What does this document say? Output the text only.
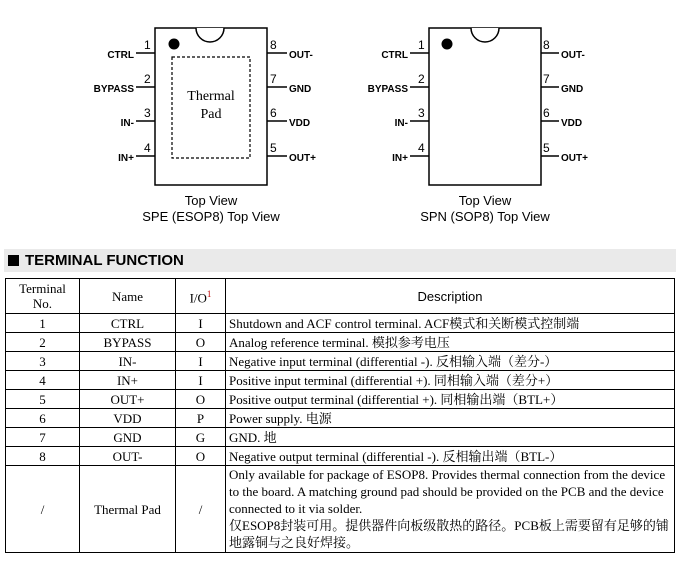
Thermal
Pad
CTRL
BYPASS
IN-
IN+
1
2
3
4
8
7
6
5
OUT-
GND
VDD
OUT+
Top View
SPE (ESOP8) Top View
CTRL
BYPASS
IN-
IN+
1
2
3
4
8
7
6
5
OUT-
GND
VDD
OUT+
Top View
SPN (SOP8) Top View
TERMINAL FUNCTION
Terminal
No.	Name	I/O$^1$	Description
1	CTRL	I	Shutdown and ACF control terminal. ACF模式和关断模式控制端
2	BYPASS	O	Analog reference terminal. 模拟参考电压
3	IN-	I	Negative input terminal (differential -). 反相输入端（差分-）
4	IN+	I	Positive input terminal (differential +). 同相输入端（差分+）
5	OUT+	O	Positive output terminal (differential +). 同相输出端（BTL+）
6	VDD	P	Power supply. 电源
7	GND	G	GND. 地
8	OUT-	O	Negative output terminal (differential -). 反相输出端（BTL-）
/	Thermal Pad	/	Only available for package of ESOP8. Provides thermal connection from the device to the board. A matching ground pad should be provided on the PCB and the device connected to it via solder.
仅ESOP8封装可用。提供器件向板级散热的路径。PCB板上需要留有足够的铺地露铜与之良好焊接。
